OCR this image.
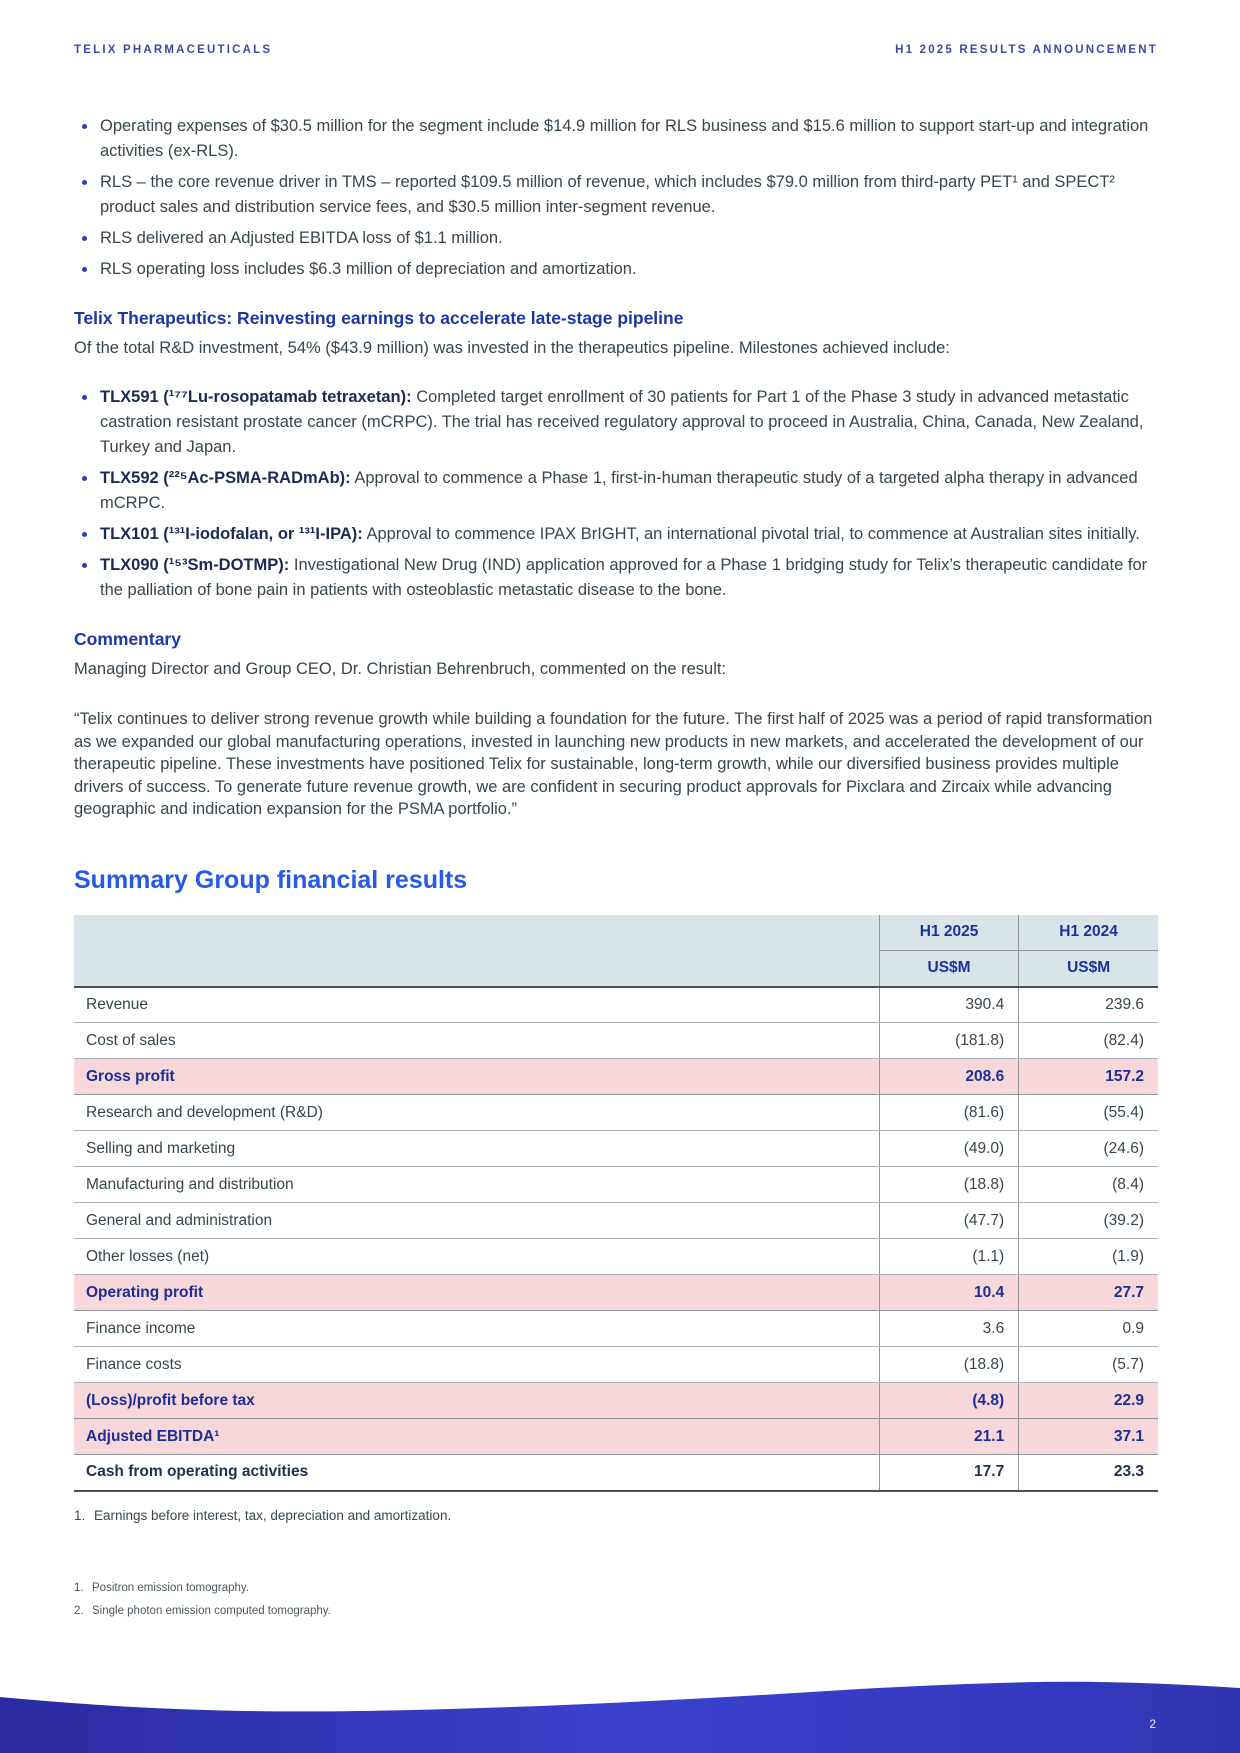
TELIX PHARMACEUTICALS	H1 2025 RESULTS ANNOUNCEMENT
Operating expenses of $30.5 million for the segment include $14.9 million for RLS business and $15.6 million to support start-up and integration activities (ex-RLS).
RLS – the core revenue driver in TMS – reported $109.5 million of revenue, which includes $79.0 million from third-party PET¹ and SPECT² product sales and distribution service fees, and $30.5 million inter-segment revenue.
RLS delivered an Adjusted EBITDA loss of $1.1 million.
RLS operating loss includes $6.3 million of depreciation and amortization.
Telix Therapeutics: Reinvesting earnings to accelerate late-stage pipeline

Of the total R&D investment, 54% ($43.9 million) was invested in the therapeutics pipeline. Milestones achieved include:

TLX591 (¹⁷⁷Lu-rosopatamab tetraxetan): Completed target enrollment of 30 patients for Part 1 of the Phase 3 study in advanced metastatic castration resistant prostate cancer (mCRPC). The trial has received regulatory approval to proceed in Australia, China, Canada, New Zealand, Turkey and Japan.
TLX592 (²²⁵Ac-PSMA-RADmAb): Approval to commence a Phase 1, first-in-human therapeutic study of a targeted alpha therapy in advanced mCRPC.
TLX101 (¹³¹I-iodofalan, or ¹³¹I-IPA): Approval to commence IPAX BrIGHT, an international pivotal trial, to commence at Australian sites initially.
TLX090 (¹⁵³Sm-DOTMP): Investigational New Drug (IND) application approved for a Phase 1 bridging study for Telix’s therapeutic candidate for the palliation of bone pain in patients with osteoblastic metastatic disease to the bone.
Commentary

Managing Director and Group CEO, Dr. Christian Behrenbruch, commented on the result:

“Telix continues to deliver strong revenue growth while building a foundation for the future. The first half of 2025 was a period of rapid transformation as we expanded our global manufacturing operations, invested in launching new products in new markets, and accelerated the development of our therapeutic pipeline. These investments have positioned Telix for sustainable, long-term growth, while our diversified business provides multiple drivers of success. To generate future revenue growth, we are confident in securing product approvals for Pixclara and Zircaix while advancing geographic and indication expansion for the PSMA portfolio.”

Summary Group financial results
	H1 2025	H1 2024
	US$M	US$M
Revenue	390.4	239.6
Cost of sales	(181.8)	(82.4)
Gross profit	208.6	157.2
Research and development (R&D)	(81.6)	(55.4)
Selling and marketing	(49.0)	(24.6)
Manufacturing and distribution	(18.8)	(8.4)
General and administration	(47.7)	(39.2)
Other losses (net)	(1.1)	(1.9)
Operating profit	10.4	27.7
Finance income	3.6	0.9
Finance costs	(18.8)	(5.7)
(Loss)/profit before tax	(4.8)	22.9
Adjusted EBITDA¹	21.1	37.1
Cash from operating activities	17.7	23.3
1. Earnings before interest, tax, depreciation and amortization.
1. Positron emission tomography.
2. Single photon emission computed tomography.
2
